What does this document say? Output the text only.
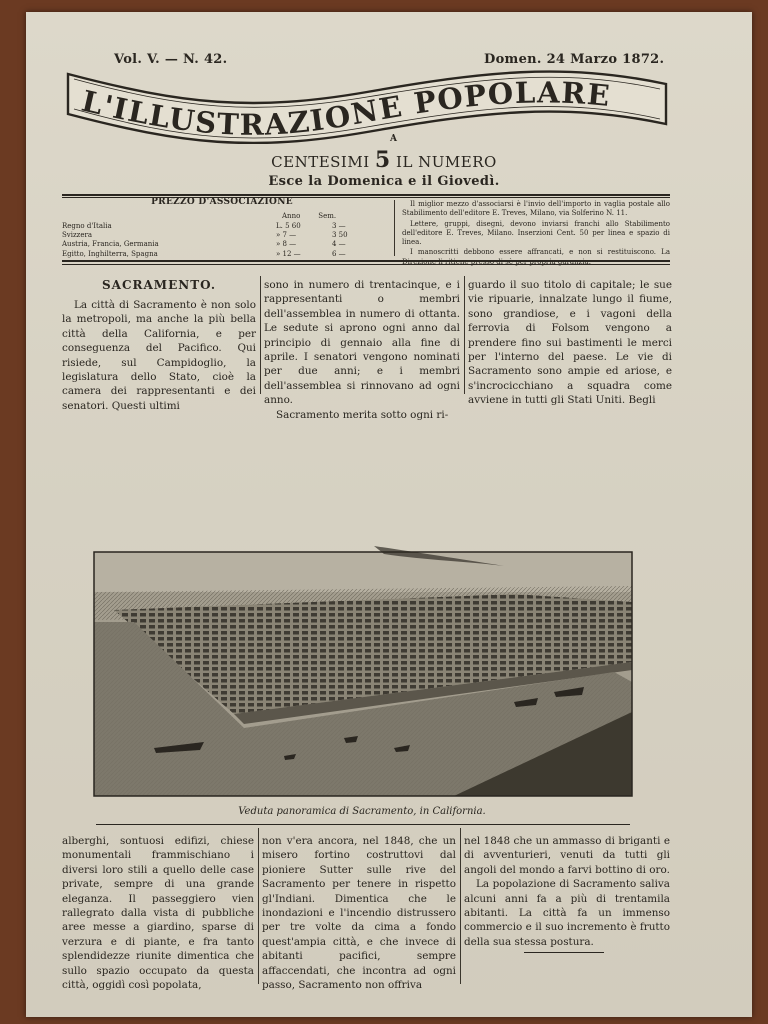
Vol. V. — N. 42.	Domen. 24 Marzo 1872.
L'ILLUSTRAZIONE POPOLARE
A
CENTESIMI 5 IL NUMERO
Esce la Domenica e il Giovedì.
PREZZO D'ASSOCIAZIONE
Anno	Sem.
Regno d'Italia	L. 5 60	3 —
Svizzera	» 7 —	3 50
Austria, Francia, Germania	» 8 —	4 —
Egitto, Inghilterra, Spagna	» 12 —	6 —

Il miglior mezzo d'associarsi è l'invio dell'importo in vaglia postale allo Stabilimento dell'editore E. Treves, Milano, via Solferino N. 11.

Lettere, gruppi, disegni, devono inviarsi franchi allo Stabilimento dell'editore E. Treves, Milano. Inserzioni Cent. 50 per linea e spazio di linea.

I manoscritti debbono essere affrancati, e non si restituiscono. La Direzione li ritiene presso di sè per propria garanzia.

SACRAMENTO.

La città di Sacramento è non solo la metropoli, ma anche la più bella città della California, e per conseguenza del Pacifico. Qui risiede, sul Campidoglio, la legislatura dello Stato, cioè la camera dei rappresentanti e dei senatori. Questi ultimi

sono in numero di trentacinque, e i rappresentanti o membri dell'assemblea in numero di ottanta. Le sedute si aprono ogni anno dal principio di gennaio alla fine di aprile. I senatori vengono nominati per due anni; e i membri dell'assemblea si rinnovano ad ogni anno.

Sacramento merita sotto ogni ri-

guardo il suo titolo di capitale; le sue vie ripuarie, innalzate lungo il fiume, sono grandiose, e i vagoni della ferrovia di Folsom vengono a prendere fino sui bastimenti le merci per l'interno del paese. Le vie di Sacramento sono ampie ed ariose, e s'incrocicchiano a squadra come avviene in tutti gli Stati Uniti. Begli

Veduta panoramica di Sacramento, in California.

alberghi, sontuosi edifizi, chiese monumentali frammischiano i diversi loro stili a quello delle case private, sempre di una grande eleganza. Il passeggiero vien rallegrato dalla vista di pubbliche aree messe a giardino, sparse di verzura e di piante, e fra tanto splendidezze riunite dimentica che sullo spazio occupato da questa città, oggidì così popolata,

non v'era ancora, nel 1848, che un misero fortino costruttovi dal pioniere Sutter sulle rive del Sacramento per tenere in rispetto gl'Indiani. Dimentica che le inondazioni e l'incendio distrussero per tre volte da cima a fondo quest'ampia città, e che invece di abitanti pacifici, sempre affaccendati, che incontra ad ogni passo, Sacramento non offriva

nel 1848 che un ammasso di briganti e di avventurieri, venuti da tutti gli angoli del mondo a farvi bottino di oro.

La popolazione di Sacramento saliva alcuni anni fa a più di trentamila abitanti. La città fa un immenso commercio e il suo incremento è frutto della sua stessa postura.
